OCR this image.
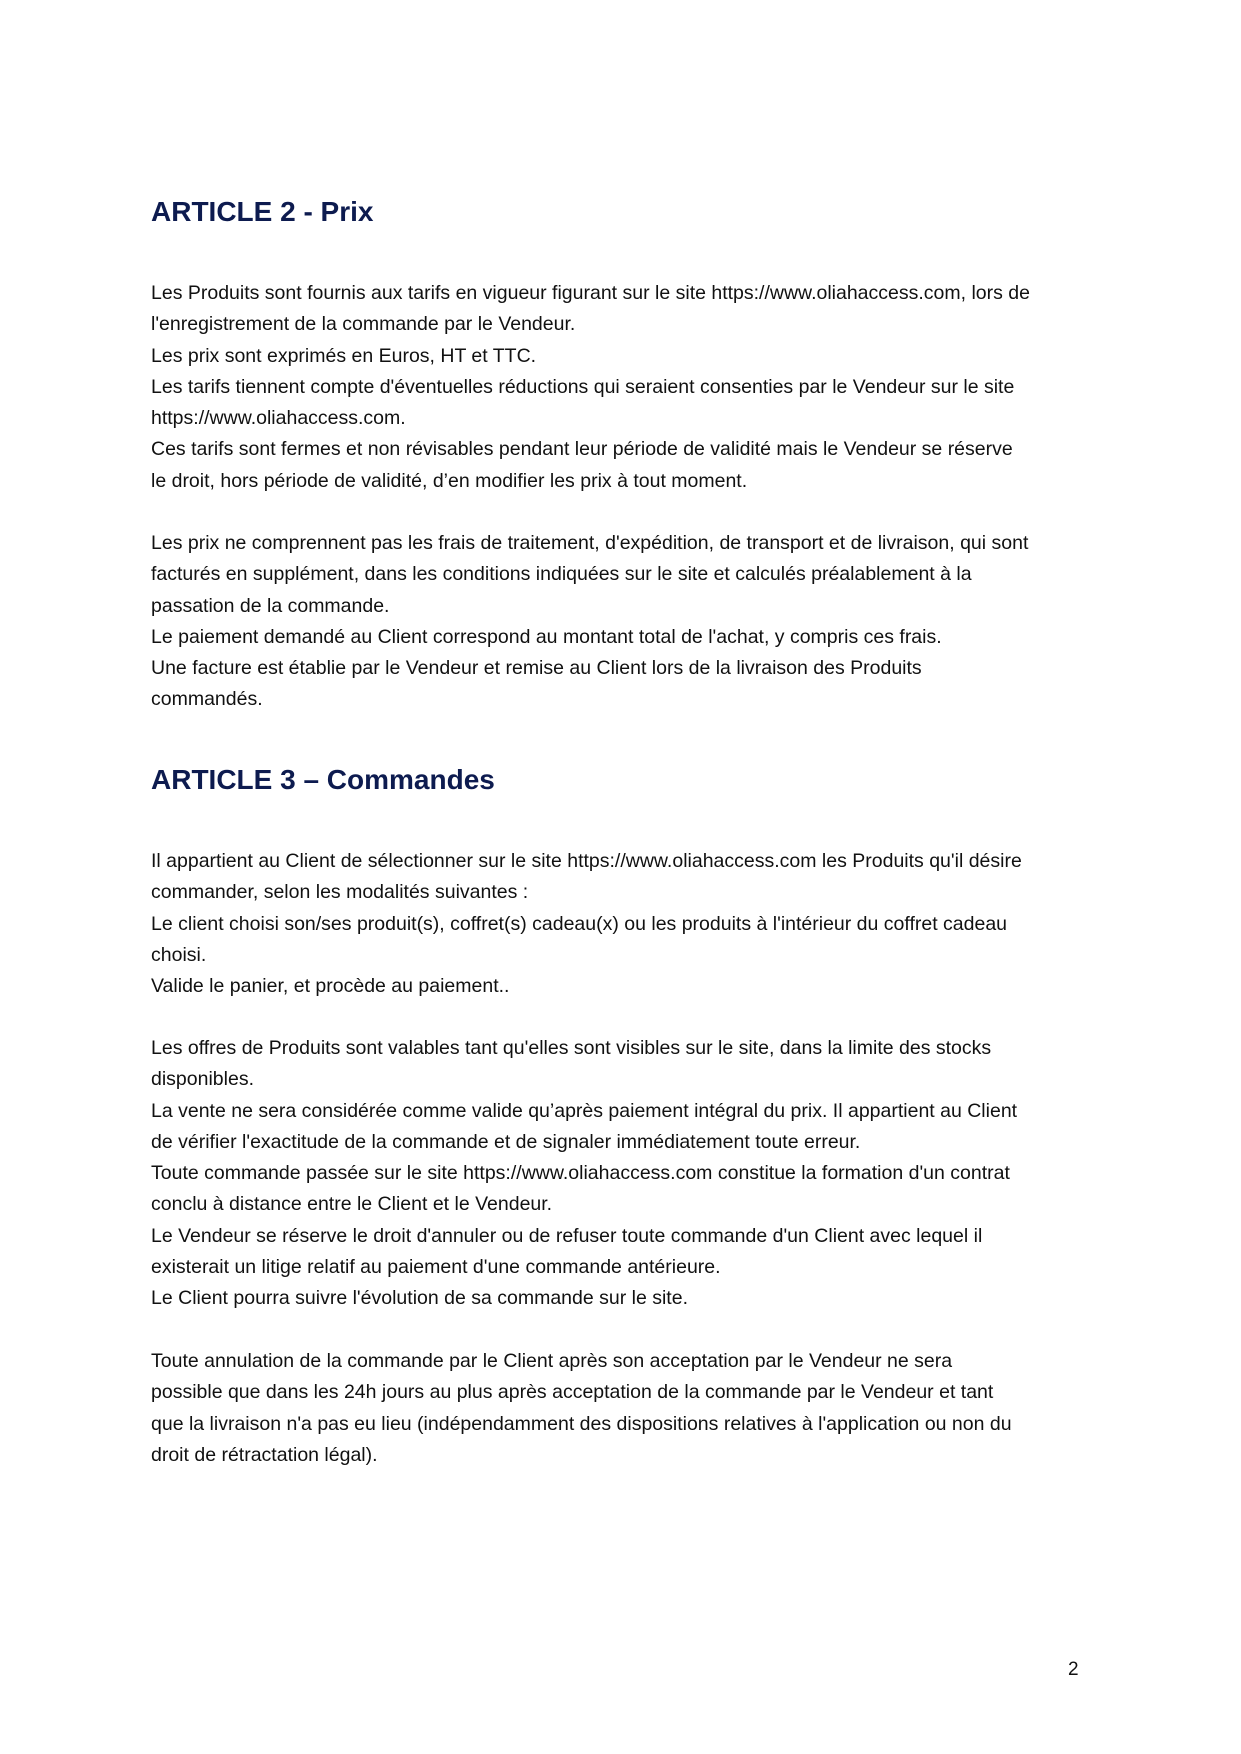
ARTICLE 2 - Prix

Les Produits sont fournis aux tarifs en vigueur figurant sur le site https://www.oliahaccess.com, lors de
l'enregistrement de la commande par le Vendeur.
Les prix sont exprimés en Euros, HT et TTC.
Les tarifs tiennent compte d'éventuelles réductions qui seraient consenties par le Vendeur sur le site
https://www.oliahaccess.com.
Ces tarifs sont fermes et non révisables pendant leur période de validité mais le Vendeur se réserve
le droit, hors période de validité, d’en modifier les prix à tout moment.

Les prix ne comprennent pas les frais de traitement, d'expédition, de transport et de livraison, qui sont
facturés en supplément, dans les conditions indiquées sur le site et calculés préalablement à la
passation de la commande.
Le paiement demandé au Client correspond au montant total de l'achat, y compris ces frais.
Une facture est établie par le Vendeur et remise au Client lors de la livraison des Produits
commandés.

ARTICLE 3 – Commandes

Il appartient au Client de sélectionner sur le site https://www.oliahaccess.com les Produits qu'il désire
commander, selon les modalités suivantes :
Le client choisi son/ses produit(s), coffret(s) cadeau(x) ou les produits à l'intérieur du coffret cadeau
choisi.
Valide le panier, et procède au paiement..

Les offres de Produits sont valables tant qu'elles sont visibles sur le site, dans la limite des stocks
disponibles.
La vente ne sera considérée comme valide qu’après paiement intégral du prix. Il appartient au Client
de vérifier l'exactitude de la commande et de signaler immédiatement toute erreur.
Toute commande passée sur le site https://www.oliahaccess.com constitue la formation d'un contrat
conclu à distance entre le Client et le Vendeur.
Le Vendeur se réserve le droit d'annuler ou de refuser toute commande d'un Client avec lequel il
existerait un litige relatif au paiement d'une commande antérieure.
Le Client pourra suivre l'évolution de sa commande sur le site.

Toute annulation de la commande par le Client après son acceptation par le Vendeur ne sera
possible que dans les 24h jours au plus après acceptation de la commande par le Vendeur et tant
que la livraison n'a pas eu lieu (indépendamment des dispositions relatives à l'application ou non du
droit de rétractation légal).

2
